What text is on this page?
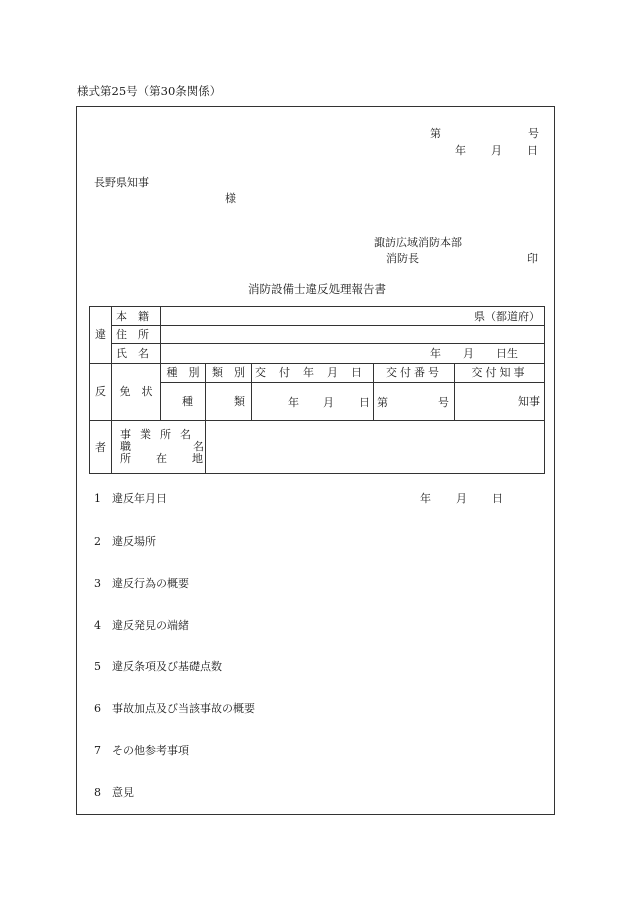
様式第25号（第30条関係）
第	号
年 月 日
長野県知事
様
諏訪広域消防本部
消防長	印
消防設備士違反処理報告書
違	本　籍	県（都道府）				
	住　所					
	氏　名	年　　月　　日生				

反	免　状	種　別	類　別	交　付　年　月　日	交付番号	交付知事
		種	類	年 月 日	第 号	知事

者	事業所名
職名
所在地					

1 違反年月日	年 月 日
2 違反場所
3 違反行為の概要
4 違反発見の端緒
5 違反条項及び基礎点数
6 事故加点及び当該事故の概要
7 その他参考事項
8 意見
